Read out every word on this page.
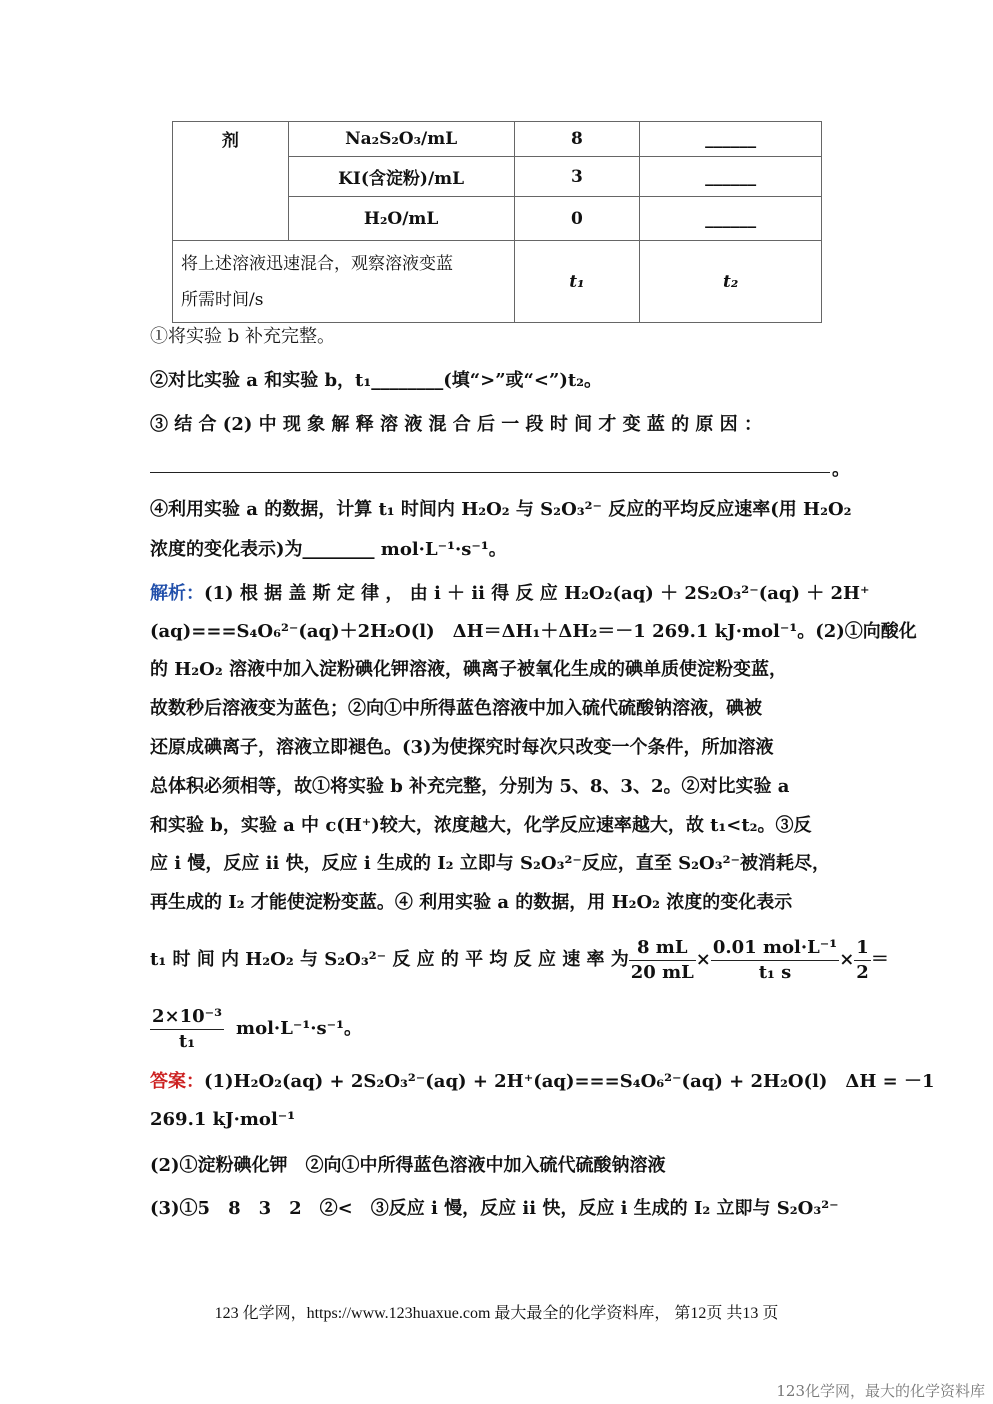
剂	Na₂S₂O₃/mL	8	______
	KI(含淀粉)/mL	3	______
	H₂O/mL	0	______
将上述溶液迅速混合，观察溶液变蓝
所需时间/s		t₁	t₂
①将实验 b 补充完整。
②对比实验 a 和实验 b，t₁________(填“>”或“<”)t₂。
③ 结 合 (2) 中 现 象 解 释 溶 液 混 合 后 一 段 时 间 才 变 蓝 的 原 因 ：
。
④利用实验 a 的数据，计算 t₁ 时间内 H₂O₂ 与 S₂O₃²⁻ 反应的平均反应速率(用 H₂O₂
浓度的变化表示)为________ mol·L⁻¹·s⁻¹。
解析：(1) 根 据 盖 斯 定 律 ， 由 i ＋ ii 得 反 应 H₂O₂(aq) ＋ 2S₂O₃²⁻(aq) ＋ 2H⁺
(aq)===S₄O₆²⁻(aq)＋2H₂O(l)　ΔH＝ΔH₁＋ΔH₂＝－1 269.1 kJ·mol⁻¹。(2)①向酸化
的 H₂O₂ 溶液中加入淀粉碘化钾溶液，碘离子被氧化生成的碘单质使淀粉变蓝，
故数秒后溶液变为蓝色；②向①中所得蓝色溶液中加入硫代硫酸钠溶液，碘被
还原成碘离子，溶液立即褪色。(3)为使探究时每次只改变一个条件，所加溶液
总体积必须相等，故①将实验 b 补充完整，分别为 5、8、3、2。②对比实验 a
和实验 b，实验 a 中 c(H⁺)较大，浓度越大，化学反应速率越大，故 t₁<t₂。③反
应 i 慢，反应 ii 快，反应 i 生成的 I₂ 立即与 S₂O₃²⁻反应，直至 S₂O₃²⁻被消耗尽，
再生成的 I₂ 才能使淀粉变蓝。④ 利用实验 a 的数据，用 H₂O₂ 浓度的变化表示
t₁ 时 间 内 H₂O₂ 与 S₂O₃²⁻ 反 应 的 平 均 反 应 速 率 为 $\frac{8 mL}{20 mL} \times \frac{\text{0.01 mol·L⁻¹}}{\text{t₁ s}} \times \frac{1}{2}$ ＝
$\frac{\text{2×10⁻³}}{\text{t₁}} mol\cdot L^{-1}\cdot s^{-1}$。
答案：(1)H₂O₂(aq) + 2S₂O₃²⁻(aq) + 2H⁺(aq)===S₄O₆²⁻(aq) + 2H₂O(l)　ΔH = －1
269.1 kJ·mol⁻¹
(2)①淀粉碘化钾　②向①中所得蓝色溶液中加入硫代硫酸钠溶液
(3)①5　8　3　2　②<　③反应 i 慢，反应 ii 快，反应 i 生成的 I₂ 立即与 S₂O₃²⁻
123 化学网，https://www.123huaxue.com 最大最全的化学资料库， 第12页 共13 页
123化学网，最大的化学资料库
